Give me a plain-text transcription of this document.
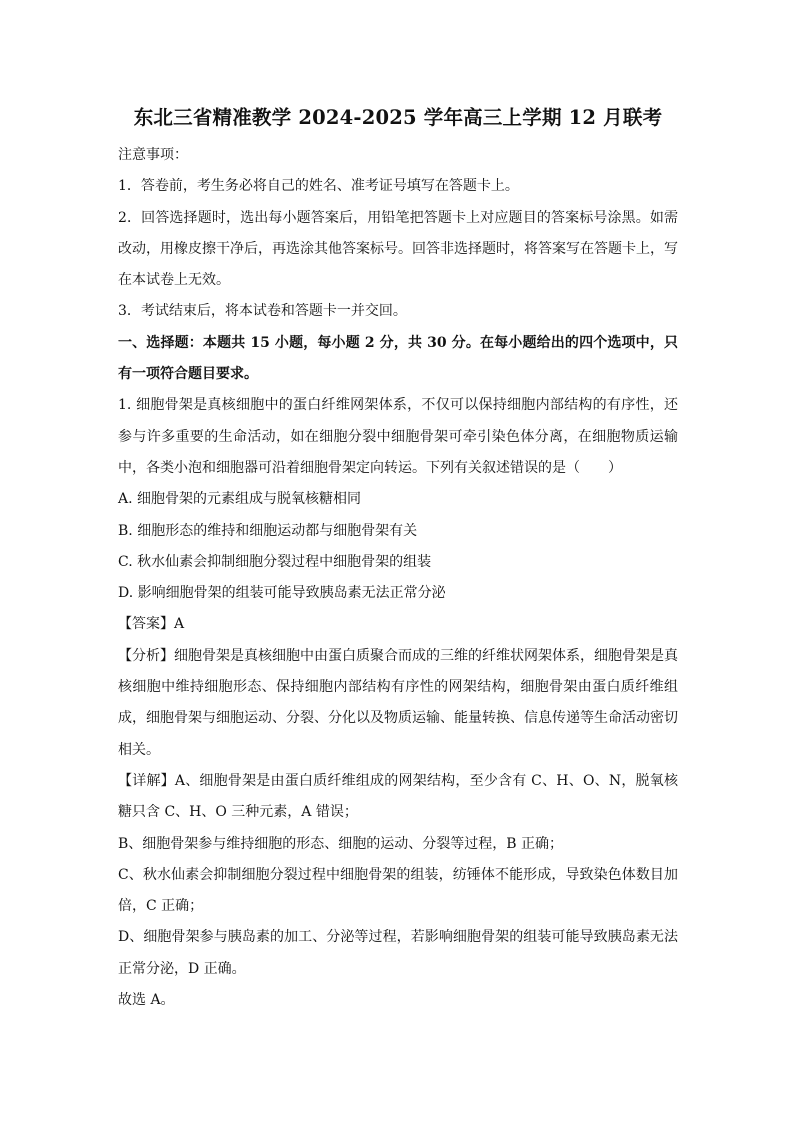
东北三省精准教学 2024-2025 学年高三上学期 12 月联考

注意事项：

1．答卷前，考生务必将自己的姓名、准考证号填写在答题卡上。

2．回答选择题时，选出每小题答案后，用铅笔把答题卡上对应题目的答案标号涂黑。如需改动，用橡皮擦干净后，再选涂其他答案标号。回答非选择题时，将答案写在答题卡上，写在本试卷上无效。

3．考试结束后，将本试卷和答题卡一并交回。

一、选择题：本题共 15 小题，每小题 2 分，共 30 分。在每小题给出的四个选项中，只有一项符合题目要求。

1. 细胞骨架是真核细胞中的蛋白纤维网架体系，不仅可以保持细胞内部结构的有序性，还参与许多重要的生命活动，如在细胞分裂中细胞骨架可牵引染色体分离，在细胞物质运输中，各类小泡和细胞器可沿着细胞骨架定向转运。下列有关叙述错误的是（　　）

A. 细胞骨架的元素组成与脱氧核糖相同

B. 细胞形态的维持和细胞运动都与细胞骨架有关

C. 秋水仙素会抑制细胞分裂过程中细胞骨架的组装

D. 影响细胞骨架的组装可能导致胰岛素无法正常分泌

【答案】A

【分析】细胞骨架是真核细胞中由蛋白质聚合而成的三维的纤维状网架体系，细胞骨架是真核细胞中维持细胞形态、保持细胞内部结构有序性的网架结构，细胞骨架由蛋白质纤维组成，细胞骨架与细胞运动、分裂、分化以及物质运输、能量转换、信息传递等生命活动密切相关。

【详解】A、细胞骨架是由蛋白质纤维组成的网架结构，至少含有 C、H、O、N，脱氧核糖只含 C、H、O 三种元素，A 错误；

B、细胞骨架参与维持细胞的形态、细胞的运动、分裂等过程，B 正确；

C、秋水仙素会抑制细胞分裂过程中细胞骨架的组装，纺锤体不能形成，导致染色体数目加倍，C 正确；

D、细胞骨架参与胰岛素的加工、分泌等过程，若影响细胞骨架的组装可能导致胰岛素无法正常分泌，D 正确。

故选 A。
